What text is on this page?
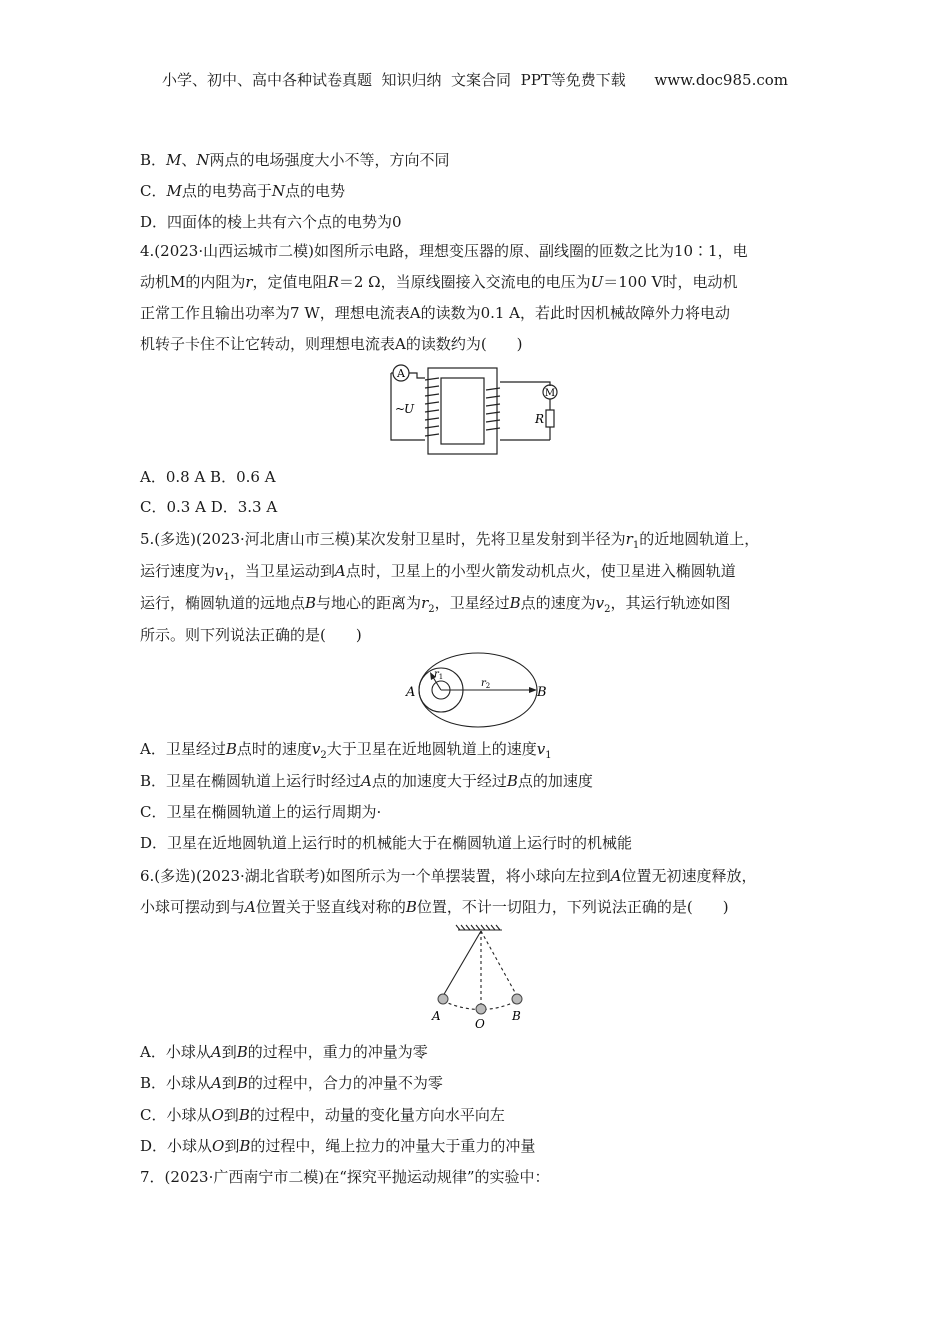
小学、初中、高中各种试卷真题  知识归纳  文案合同  PPT等免费下载      www.doc985.com
B．M、N两点的电场强度大小不等，方向不同
C．M点的电势高于N点的电势
D．四面体的棱上共有六个点的电势为0
4.(2023·山西运城市二模)如图所示电路，理想变压器的原、副线圈的匝数之比为10∶1，电
动机M的内阻为r，定值电阻R＝2 Ω，当原线圈接入交流电的电压为U＝100 V时，电动机
正常工作且输出功率为7 W，理想电流表A的读数为0.1 A，若此时因机械故障外力将电动
机转子卡住不让它转动，则理想电流表A的读数约为(　　)
A
M
~
U
R
A．0.8 A B．0.6 A
C．0.3 A D．3.3 A
5.(多选)(2023·河北唐山市三模)某次发射卫星时，先将卫星发射到半径为$r_1$的近地圆轨道上，
运行速度为$v_1$，当卫星运动到A点时，卫星上的小型火箭发动机点火，使卫星进入椭圆轨道
运行，椭圆轨道的远地点B与地心的距离为$r_2$，卫星经过B点的速度为$v_2$，其运行轨迹如图
所示。则下列说法正确的是(　　)
A	B
$r_1$
$r_2$
A．卫星经过B点时的速度$v_2$大于卫星在近地圆轨道上的速度$v_1$
B．卫星在椭圆轨道上运行时经过A点的加速度大于经过B点的加速度
C．卫星在椭圆轨道上的运行周期为·
D．卫星在近地圆轨道上运行时的机械能大于在椭圆轨道上运行时的机械能
6.(多选)(2023·湖北省联考)如图所示为一个单摆装置，将小球向左拉到A位置无初速度释放，
小球可摆动到与A位置关于竖直线对称的B位置，不计一切阻力，下列说法正确的是(　　)
A
O
B
A．小球从A到B的过程中，重力的冲量为零
B．小球从A到B的过程中，合力的冲量不为零
C．小球从O到B的过程中，动量的变化量方向水平向左
D．小球从O到B的过程中，绳上拉力的冲量大于重力的冲量
7．(2023·广西南宁市二模)在“探究平抛运动规律”的实验中：
